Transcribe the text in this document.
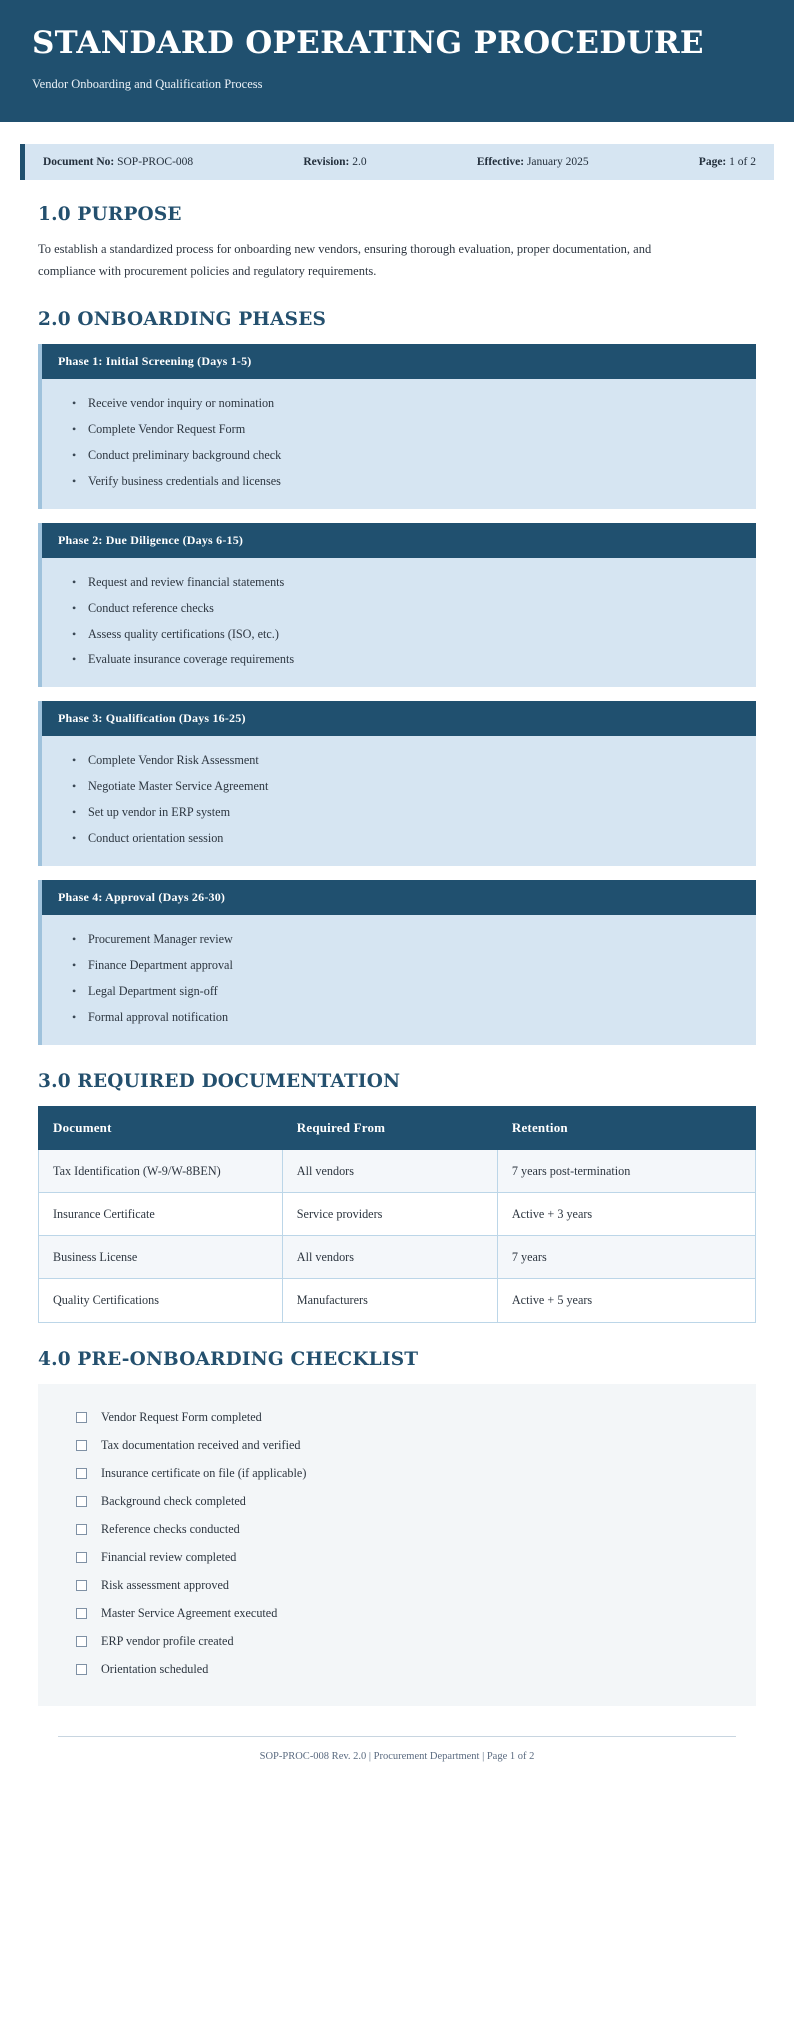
STANDARD OPERATING PROCEDURE

Vendor Onboarding and Qualification Process

Document No: SOP-PROC-008	Revision: 2.0	Effective: January 2025	Page: 1 of 2
1.0 PURPOSE

To establish a standardized process for onboarding new vendors, ensuring thorough evaluation, proper documentation, and compliance with procurement policies and regulatory requirements.

2.0 ONBOARDING PHASES
Phase 1: Initial Screening (Days 1-5)
• Receive vendor inquiry or nomination
• Complete Vendor Request Form
• Conduct preliminary background check
• Verify business credentials and licenses
Phase 2: Due Diligence (Days 6-15)
• Request and review financial statements
• Conduct reference checks
• Assess quality certifications (ISO, etc.)
• Evaluate insurance coverage requirements
Phase 3: Qualification (Days 16-25)
• Complete Vendor Risk Assessment
• Negotiate Master Service Agreement
• Set up vendor in ERP system
• Conduct orientation session
Phase 4: Approval (Days 26-30)
• Procurement Manager review
• Finance Department approval
• Legal Department sign-off
• Formal approval notification
3.0 REQUIRED DOCUMENTATION
Document	Required From	Retention
Tax Identification (W-9/W-8BEN)	All vendors	7 years post-termination
Insurance Certificate	Service providers	Active + 3 years
Business License	All vendors	7 years
Quality Certifications	Manufacturers	Active + 5 years
4.0 PRE-ONBOARDING CHECKLIST
Vendor Request Form completed
Tax documentation received and verified
Insurance certificate on file (if applicable)
Background check completed
Reference checks conducted
Financial review completed
Risk assessment approved
Master Service Agreement executed
ERP vendor profile created
Orientation scheduled
SOP-PROC-008 Rev. 2.0 | Procurement Department | Page 1 of 2
